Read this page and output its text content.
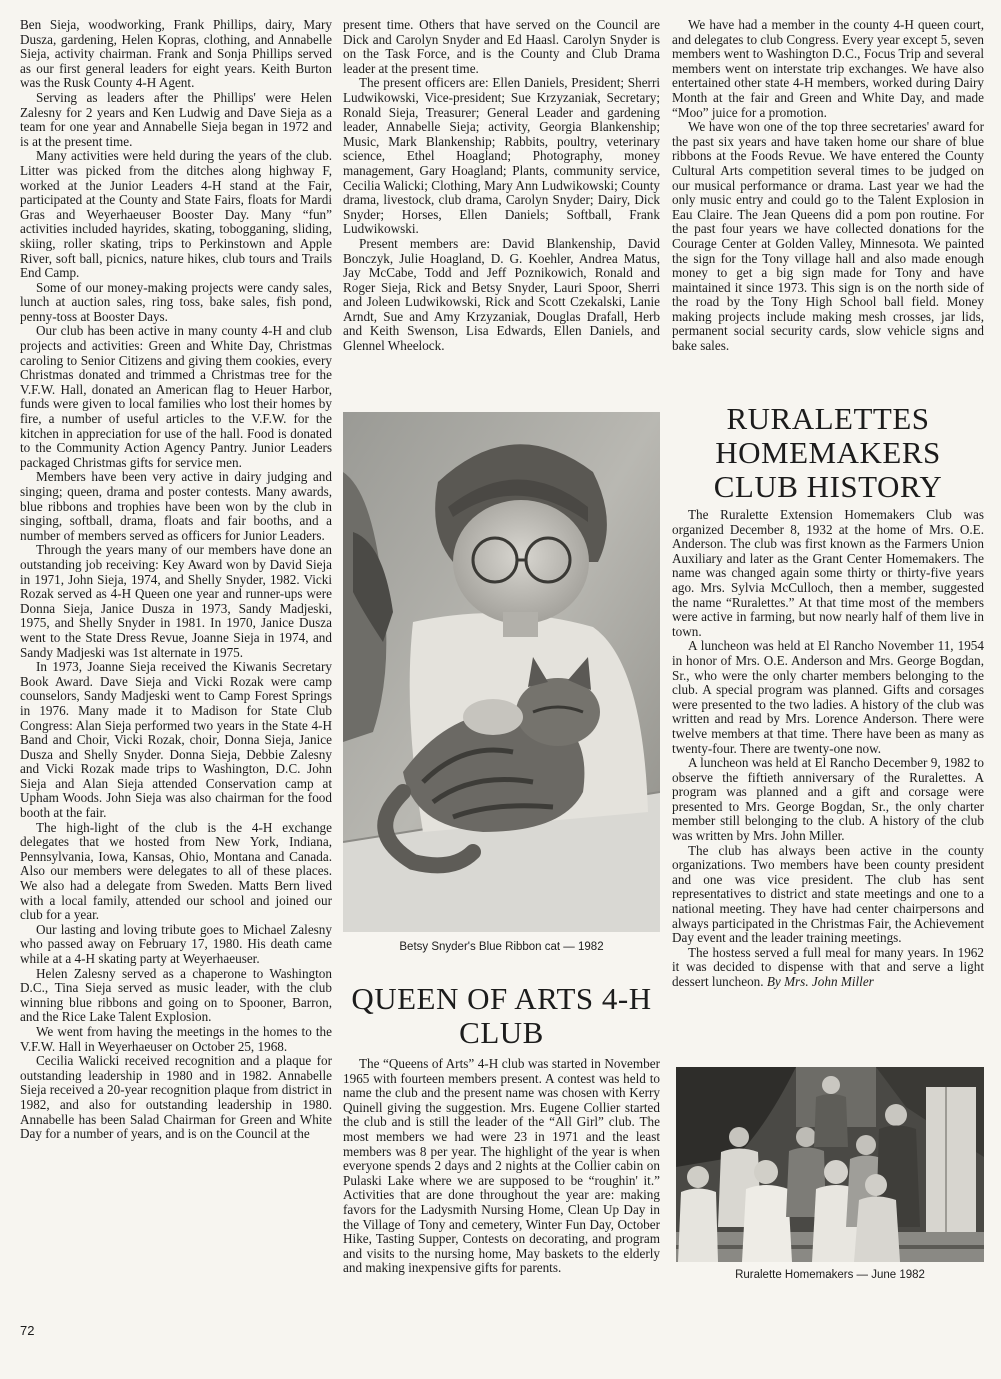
Ben Sieja, woodworking, Frank Phillips, dairy, Mary Dusza, gardening, Helen Kopras, clothing, and Annabelle Sieja, activity chairman. Frank and Sonja Phillips served as our first general leaders for eight years. Keith Burton was the Rusk County 4-H Agent.

Serving as leaders after the Phillips' were Helen Zalesny for 2 years and Ken Ludwig and Dave Sieja as a team for one year and Annabelle Sieja began in 1972 and is at the present time.

Many activities were held during the years of the club. Litter was picked from the ditches along highway F, worked at the Junior Leaders 4-H stand at the Fair, participated at the County and State Fairs, floats for Mardi Gras and Weyerhaeuser Booster Day. Many “fun” activities included hayrides, skating, tobogganing, sliding, skiing, roller skating, trips to Perkinstown and Apple River, soft ball, picnics, nature hikes, club tours and Trails End Camp.

Some of our money-making projects were candy sales, lunch at auction sales, ring toss, bake sales, fish pond, penny-toss at Booster Days.

Our club has been active in many county 4-H and club projects and activities: Green and White Day, Christmas caroling to Senior Citizens and giving them cookies, every Christmas donated and trimmed a Christmas tree for the V.F.W. Hall, donated an American flag to Heuer Harbor, funds were given to local families who lost their homes by fire, a number of useful articles to the V.F.W. for the kitchen in appreciation for use of the hall. Food is donated to the Community Action Agency Pantry. Junior Leaders packaged Christmas gifts for service men.

Members have been very active in dairy judging and singing; queen, drama and poster contests. Many awards, blue ribbons and trophies have been won by the club in singing, softball, drama, floats and fair booths, and a number of members served as officers for Junior Leaders.

Through the years many of our members have done an outstanding job receiving: Key Award won by David Sieja in 1971, John Sieja, 1974, and Shelly Snyder, 1982. Vicki Rozak served as 4-H Queen one year and runner-ups were Donna Sieja, Janice Dusza in 1973, Sandy Madjeski, 1975, and Shelly Snyder in 1981. In 1970, Janice Dusza went to the State Dress Revue, Joanne Sieja in 1974, and Sandy Madjeski was 1st alternate in 1975.

In 1973, Joanne Sieja received the Kiwanis Secretary Book Award. Dave Sieja and Vicki Rozak were camp counselors, Sandy Madjeski went to Camp Forest Springs in 1976. Many made it to Madison for State Club Congress: Alan Sieja performed two years in the State 4-H Band and Choir, Vicki Rozak, choir, Donna Sieja, Janice Dusza and Shelly Snyder. Donna Sieja, Debbie Zalesny and Vicki Rozak made trips to Washington, D.C. John Sieja and Alan Sieja attended Conservation camp at Upham Woods. John Sieja was also chairman for the food booth at the fair.

The high-light of the club is the 4-H exchange delegates that we hosted from New York, Indiana, Pennsylvania, Iowa, Kansas, Ohio, Montana and Canada. Also our members were delegates to all of these places. We also had a delegate from Sweden. Matts Bern lived with a local family, attended our school and joined our club for a year.

Our lasting and loving tribute goes to Michael Zalesny who passed away on February 17, 1980. His death came while at a 4-H skating party at Weyerhaeuser.

Helen Zalesny served as a chaperone to Washington D.C., Tina Sieja served as music leader, with the club winning blue ribbons and going on to Spooner, Barron, and the Rice Lake Talent Explosion.

We went from having the meetings in the homes to the V.F.W. Hall in Weyerhaeuser on October 25, 1968.

Cecilia Walicki received recognition and a plaque for outstanding leadership in 1980 and in 1982. Annabelle Sieja received a 20-year recognition plaque from district in 1982, and also for outstanding leadership in 1980. Annabelle has been Salad Chairman for Green and White Day for a number of years, and is on the Council at the

72

present time. Others that have served on the Council are Dick and Carolyn Snyder and Ed Haasl. Carolyn Snyder is on the Task Force, and is the County and Club Drama leader at the present time.

The present officers are: Ellen Daniels, President; Sherri Ludwikowski, Vice-president; Sue Krzyzaniak, Secretary; Ronald Sieja, Treasurer; General Leader and gardening leader, Annabelle Sieja; activity, Georgia Blankenship; Music, Mark Blankenship; Rabbits, poultry, veterinary science, Ethel Hoagland; Photography, money management, Gary Hoagland; Plants, community service, Cecilia Walicki; Clothing, Mary Ann Ludwikowski; County drama, livestock, club drama, Carolyn Snyder; Dairy, Dick Snyder; Horses, Ellen Daniels; Softball, Frank Ludwikowski.

Present members are: David Blankenship, David Bonczyk, Julie Hoagland, D. G. Koehler, Andrea Matus, Jay McCabe, Todd and Jeff Poznikowich, Ronald and Roger Sieja, Rick and Betsy Snyder, Lauri Spoor, Sherri and Joleen Ludwikowski, Rick and Scott Czekalski, Lanie Arndt, Sue and Amy Krzyzaniak, Douglas Drafall, Herb and Keith Swenson, Lisa Edwards, Ellen Daniels, and Glennel Wheelock.

Betsy Snyder's Blue Ribbon cat — 1982
QUEEN OF ARTS 4-H CLUB

The “Queens of Arts” 4-H club was started in November 1965 with fourteen members present. A contest was held to name the club and the present name was chosen with Kerry Quinell giving the suggestion. Mrs. Eugene Collier started the club and is still the leader of the “All Girl” club. The most members we had were 23 in 1971 and the least members was 8 per year. The highlight of the year is when everyone spends 2 days and 2 nights at the Collier cabin on Pulaski Lake where we are supposed to be “roughin' it.” Activities that are done throughout the year are: making favors for the Ladysmith Nursing Home, Clean Up Day in the Village of Tony and cemetery, Winter Fun Day, October Hike, Tasting Supper, Contests on decorating, and program and visits to the nursing home, May baskets to the elderly and making inexpensive gifts for parents.

We have had a member in the county 4-H queen court, and delegates to club Congress. Every year except 5, seven members went to Washington D.C., Focus Trip and several members went on interstate trip exchanges. We have also entertained other state 4-H members, worked during Dairy Month at the fair and Green and White Day, and made “Moo” juice for a promotion.

We have won one of the top three secretaries' award for the past six years and have taken home our share of blue ribbons at the Foods Revue. We have entered the County Cultural Arts competition several times to be judged on our musical performance or drama. Last year we had the only music entry and could go to the Talent Explosion in Eau Claire. The Jean Queens did a pom pon routine. For the past four years we have collected donations for the Courage Center at Golden Valley, Minnesota. We painted the sign for the Tony village hall and also made enough money to get a big sign made for Tony and have maintained it since 1973. This sign is on the north side of the road by the Tony High School ball field. Money making projects include making mesh crosses, jar lids, permanent social security cards, slow vehicle signs and bake sales.

RURALETTES HOMEMAKERS CLUB HISTORY

The Ruralette Extension Homemakers Club was organized December 8, 1932 at the home of Mrs. O.E. Anderson. The club was first known as the Farmers Union Auxiliary and later as the Grant Center Homemakers. The name was changed again some thirty or thirty-five years ago. Mrs. Sylvia McCulloch, then a member, suggested the name “Ruralettes.” At that time most of the members were active in farming, but now nearly half of them live in town.

A luncheon was held at El Rancho November 11, 1954 in honor of Mrs. O.E. Anderson and Mrs. George Bogdan, Sr., who were the only charter members belonging to the club. A special program was planned. Gifts and corsages were presented to the two ladies. A history of the club was written and read by Mrs. Lorence Anderson. There were twelve members at that time. There have been as many as twenty-four. There are twenty-one now.

A luncheon was held at El Rancho December 9, 1982 to observe the fiftieth anniversary of the Ruralettes. A program was planned and a gift and corsage were presented to Mrs. George Bogdan, Sr., the only charter member still belonging to the club. A history of the club was written by Mrs. John Miller.

The club has always been active in the county organizations. Two members have been county president and one was vice president. The club has sent representatives to district and state meetings and one to a national meeting. They have had center chairpersons and always participated in the Christmas Fair, the Achievement Day event and the leader training meetings.

The hostess served a full meal for many years. In 1962 it was decided to dispense with that and serve a light dessert luncheon. By Mrs. John Miller

Ruralette Homemakers — June 1982
